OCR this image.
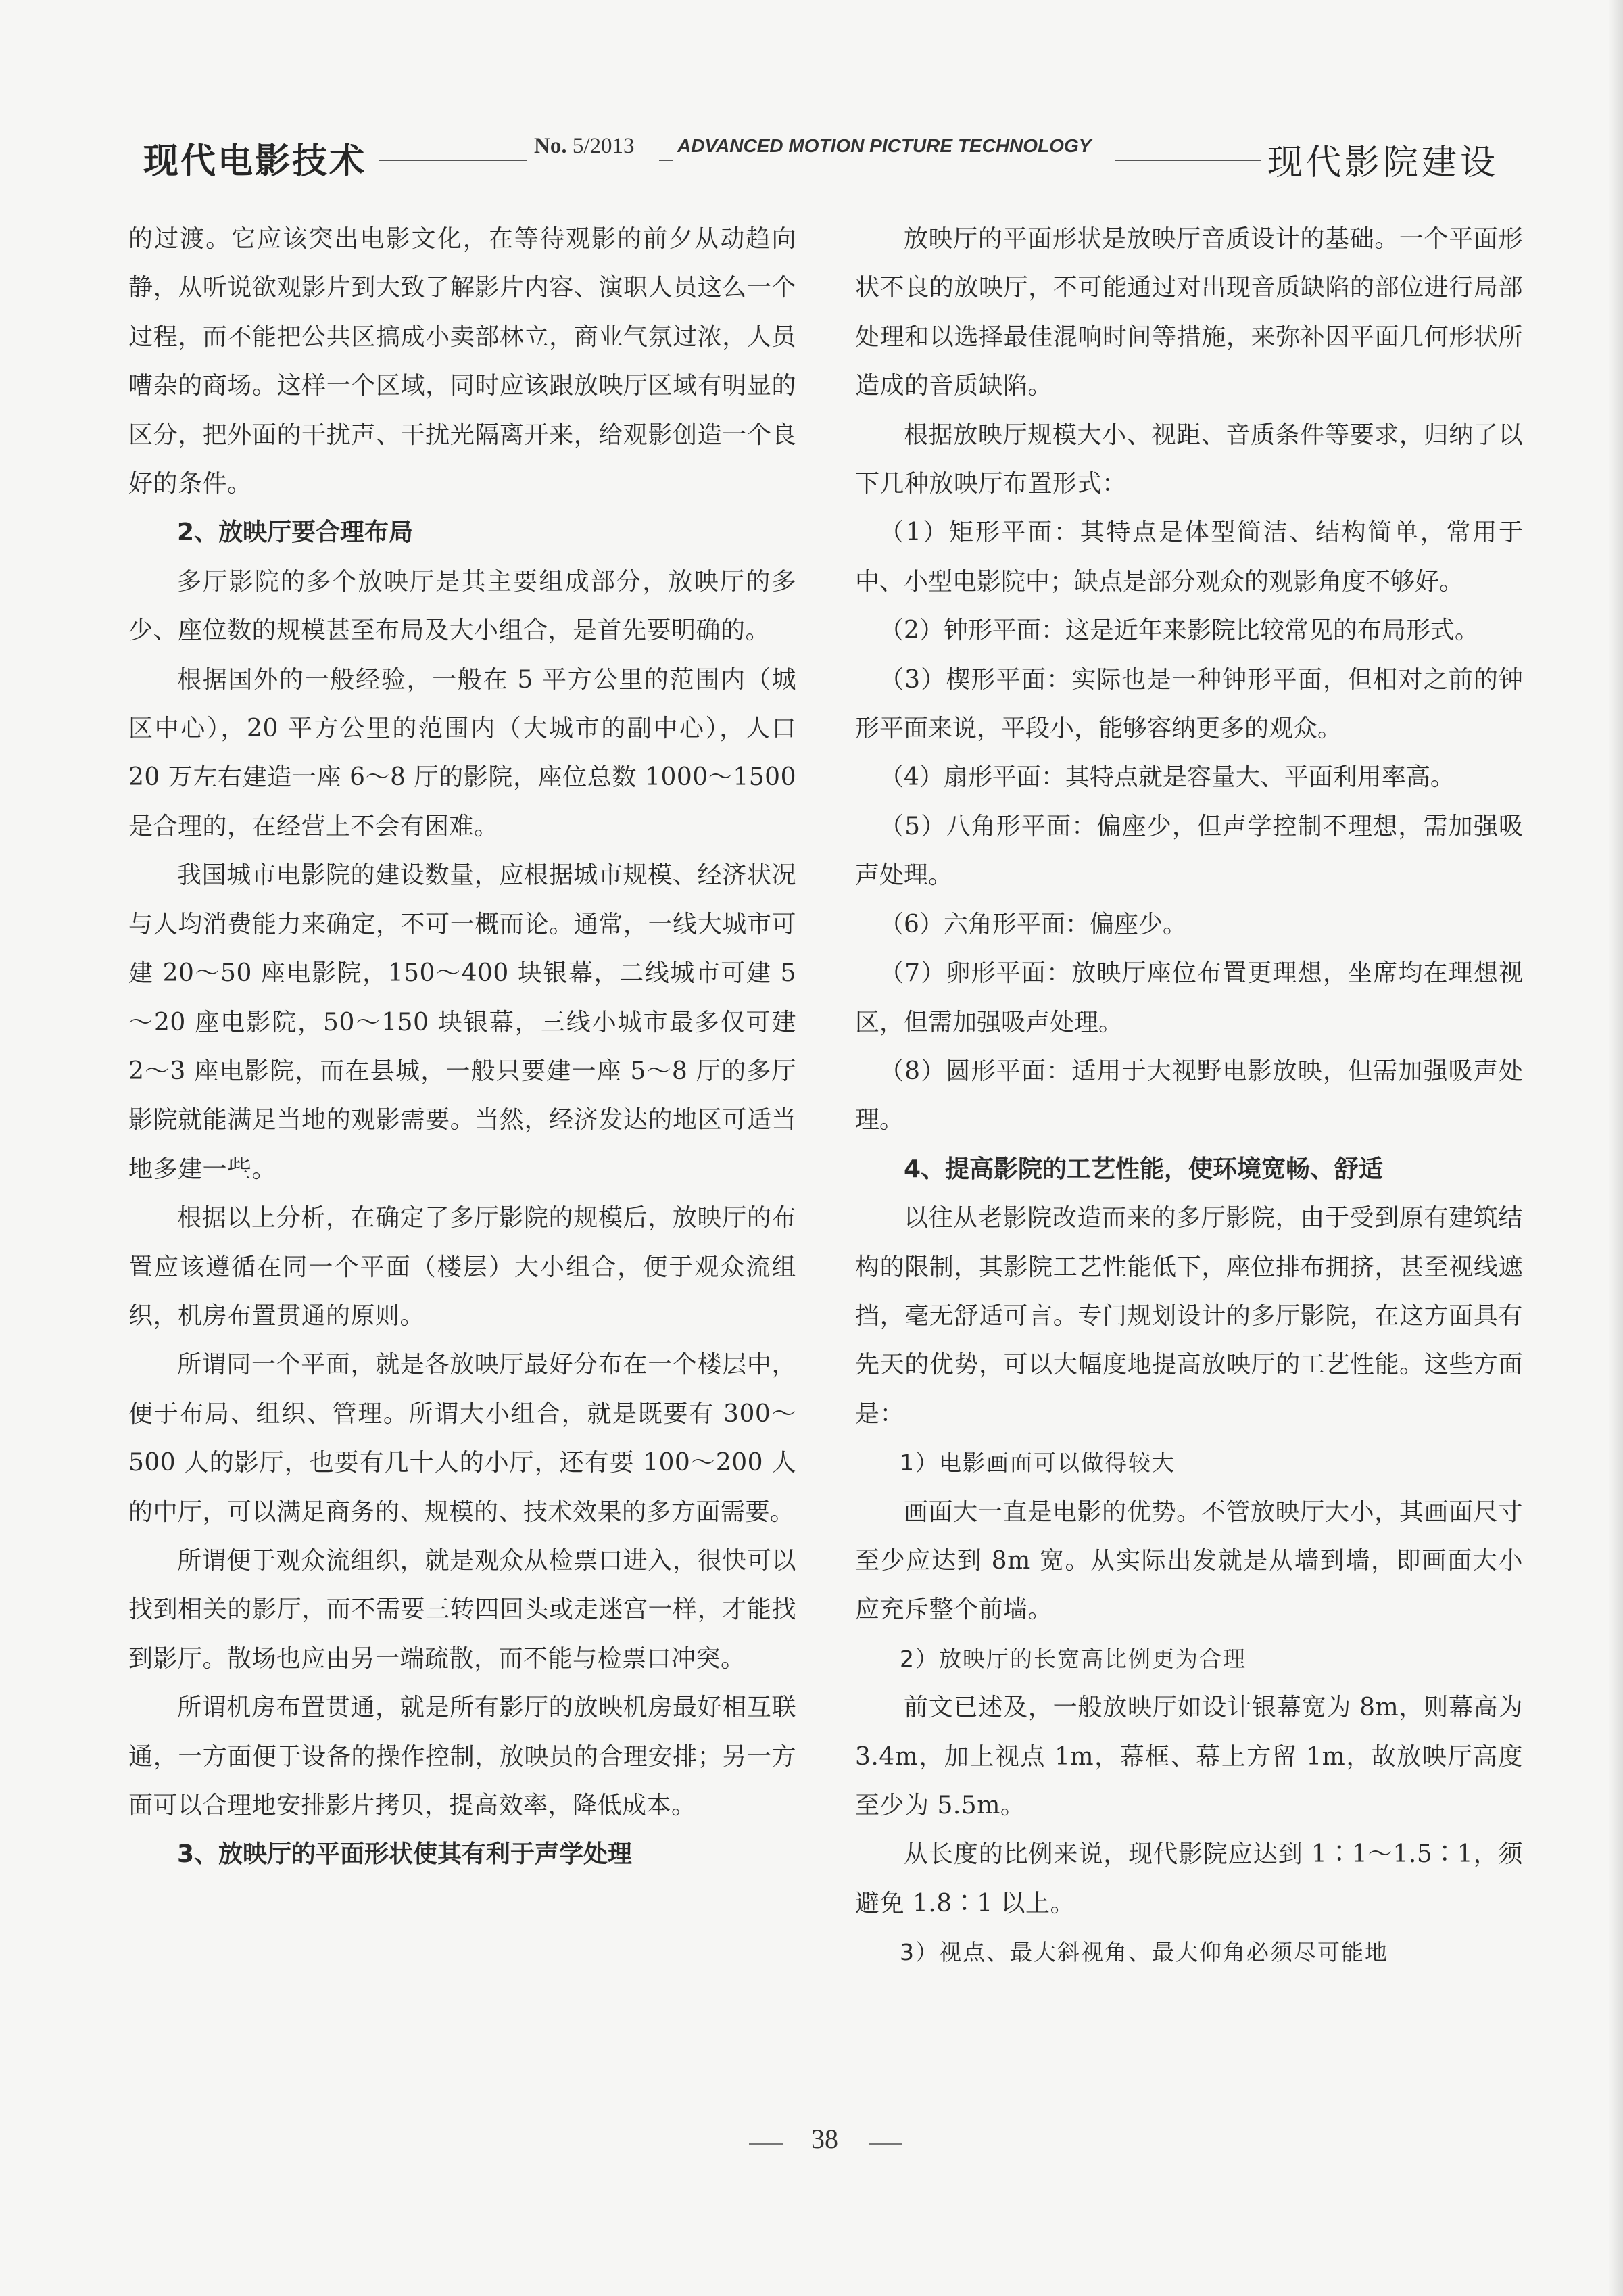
现代电影技术	No. 5/2013 ADVANCED MOTION PICTURE TECHNOLOGY	现代影院建设

的过渡。它应该突出电影文化，在等待观影的前夕从动趋向静，从听说欲观影片到大致了解影片内容、演职人员这么一个过程，而不能把公共区搞成小卖部林立，商业气氛过浓，人员嘈杂的商场。这样一个区域，同时应该跟放映厅区域有明显的区分，把外面的干扰声、干扰光隔离开来，给观影创造一个良好的条件。

2、放映厅要合理布局

多厅影院的多个放映厅是其主要组成部分，放映厅的多少、座位数的规模甚至布局及大小组合，是首先要明确的。

根据国外的一般经验，一般在 5 平方公里的范围内（城区中心），20 平方公里的范围内（大城市的副中心），人口 20 万左右建造一座 6～8 厅的影院，座位总数 1000～1500 是合理的，在经营上不会有困难。

我国城市电影院的建设数量，应根据城市规模、经济状况与人均消费能力来确定，不可一概而论。通常，一线大城市可建 20～50 座电影院，150～400 块银幕，二线城市可建 5～20 座电影院，50～150 块银幕，三线小城市最多仅可建 2～3 座电影院，而在县城，一般只要建一座 5～8 厅的多厅影院就能满足当地的观影需要。当然，经济发达的地区可适当地多建一些。

根据以上分析，在确定了多厅影院的规模后，放映厅的布置应该遵循在同一个平面（楼层）大小组合，便于观众流组织，机房布置贯通的原则。

所谓同一个平面，就是各放映厅最好分布在一个楼层中，便于布局、组织、管理。所谓大小组合，就是既要有 300～500 人的影厅，也要有几十人的小厅，还有要 100～200 人的中厅，可以满足商务的、规模的、技术效果的多方面需要。

所谓便于观众流组织，就是观众从检票口进入，很快可以找到相关的影厅，而不需要三转四回头或走迷宫一样，才能找到影厅。散场也应由另一端疏散，而不能与检票口冲突。

所谓机房布置贯通，就是所有影厅的放映机房最好相互联通，一方面便于设备的操作控制，放映员的合理安排；另一方面可以合理地安排影片拷贝，提高效率，降低成本。

3、放映厅的平面形状使其有利于声学处理

放映厅的平面形状是放映厅音质设计的基础。一个平面形状不良的放映厅，不可能通过对出现音质缺陷的部位进行局部处理和以选择最佳混响时间等措施，来弥补因平面几何形状所造成的音质缺陷。

根据放映厅规模大小、视距、音质条件等要求，归纳了以下几种放映厅布置形式：

（1）矩形平面：其特点是体型简洁、结构简单，常用于中、小型电影院中；缺点是部分观众的观影角度不够好。

（2）钟形平面：这是近年来影院比较常见的布局形式。

（3）楔形平面：实际也是一种钟形平面，但相对之前的钟形平面来说，平段小，能够容纳更多的观众。

（4）扇形平面：其特点就是容量大、平面利用率高。

（5）八角形平面：偏座少，但声学控制不理想，需加强吸声处理。

（6）六角形平面：偏座少。

（7）卵形平面：放映厅座位布置更理想，坐席均在理想视区，但需加强吸声处理。

（8）圆形平面：适用于大视野电影放映，但需加强吸声处理。

4、提高影院的工艺性能，使环境宽畅、舒适

以往从老影院改造而来的多厅影院，由于受到原有建筑结构的限制，其影院工艺性能低下，座位排布拥挤，甚至视线遮挡，毫无舒适可言。专门规划设计的多厅影院，在这方面具有先天的优势，可以大幅度地提高放映厅的工艺性能。这些方面是：

1）电影画面可以做得较大

画面大一直是电影的优势。不管放映厅大小，其画面尺寸至少应达到 8m 宽。从实际出发就是从墙到墙，即画面大小应充斥整个前墙。

2）放映厅的长宽高比例更为合理

前文已述及，一般放映厅如设计银幕宽为 8m，则幕高为 3.4m，加上视点 1m，幕框、幕上方留 1m，故放映厅高度至少为 5.5m。

从长度的比例来说，现代影院应达到 1∶1～1.5∶1，须避免 1.8∶1 以上。

3）视点、最大斜视角、最大仰角必须尽可能地

38
